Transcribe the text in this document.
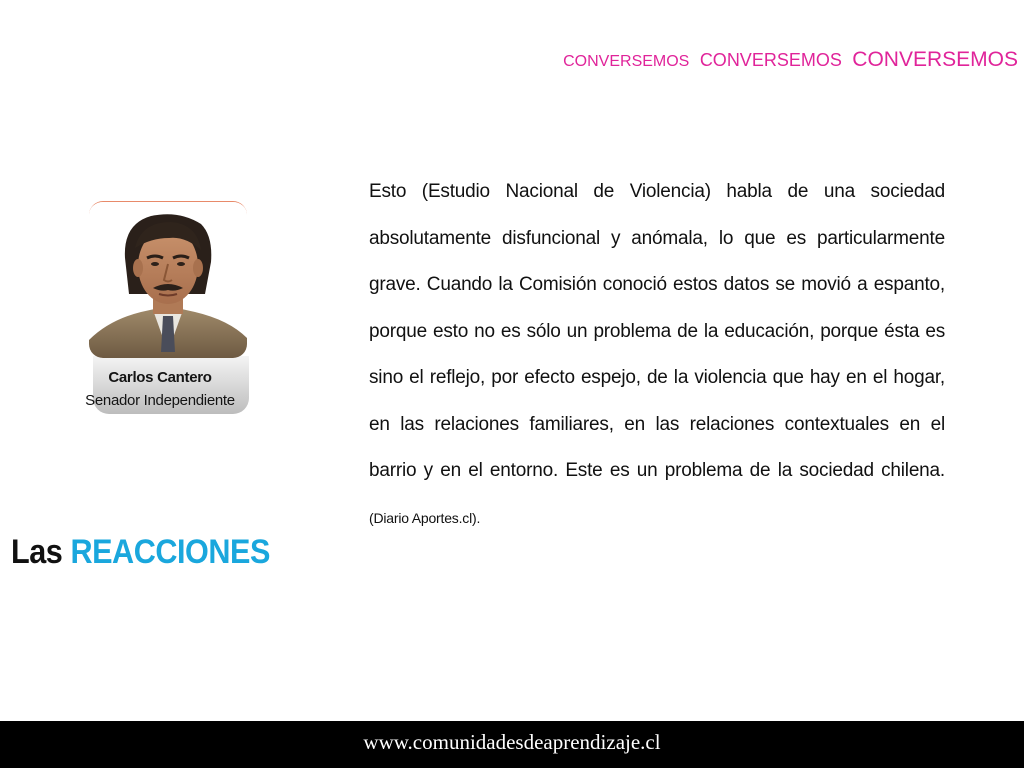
CONVERSEMOS CONVERSEMOS CONVERSEMOS
Carlos Cantero
Senador Independiente
Las REACCIONES
Esto (Estudio Nacional de Violencia) habla de una sociedad absolutamente disfuncional y anómala, lo que es particularmente grave. Cuando la Comisión conoció estos datos se movió a espanto, porque esto no es sólo un problema de la educación, porque ésta es sino el reflejo, por efecto espejo, de la violencia que hay en el hogar, en las relaciones familiares, en las relaciones contextuales en el barrio y en el entorno. Este es un problema de la sociedad chilena. (Diario Aportes.cl).
www.comunidadesdeaprendizaje.cl
